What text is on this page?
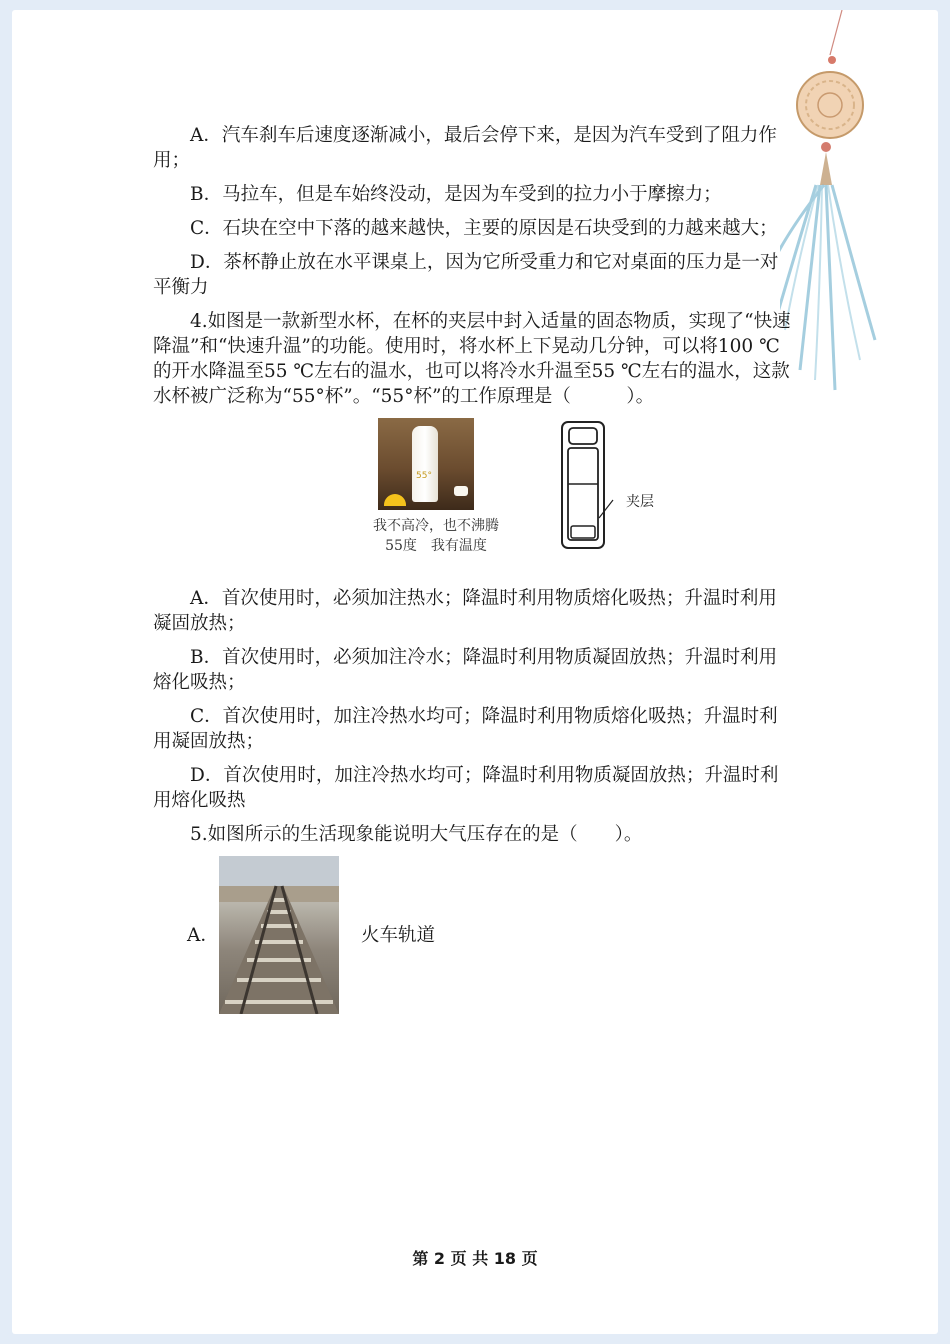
A．汽车刹车后速度逐渐减小，最后会停下来，是因为汽车受到了阻力作用；

B．马拉车，但是车始终没动，是因为车受到的拉力小于摩擦力；

C．石块在空中下落的越来越快，主要的原因是石块受到的力越来越大；

D．茶杯静止放在水平课桌上，因为它所受重力和它对桌面的压力是一对平衡力

4.如图是一款新型水杯，在杯的夹层中封入适量的固态物质，实现了“快速降温”和“快速升温”的功能。使用时，将水杯上下晃动几分钟，可以将100 ℃的开水降温至55 ℃左右的温水，也可以将冷水升温至55 ℃左右的温水，这款水杯被广泛称为“55°杯”。“55°杯”的工作原理是（　　　）。

55°
我不高冷，也不沸腾
55度　我有温度
夹层

A．首次使用时，必须加注热水；降温时利用物质熔化吸热；升温时利用凝固放热；

B．首次使用时，必须加注冷水；降温时利用物质凝固放热；升温时利用熔化吸热；

C．首次使用时，加注冷热水均可；降温时利用物质熔化吸热；升温时利用凝固放热；

D．首次使用时，加注冷热水均可；降温时利用物质凝固放热；升温时利用熔化吸热

5.如图所示的生活现象能说明大气压存在的是（　　）。

A．	火车轨道
第 2 页 共 18 页
